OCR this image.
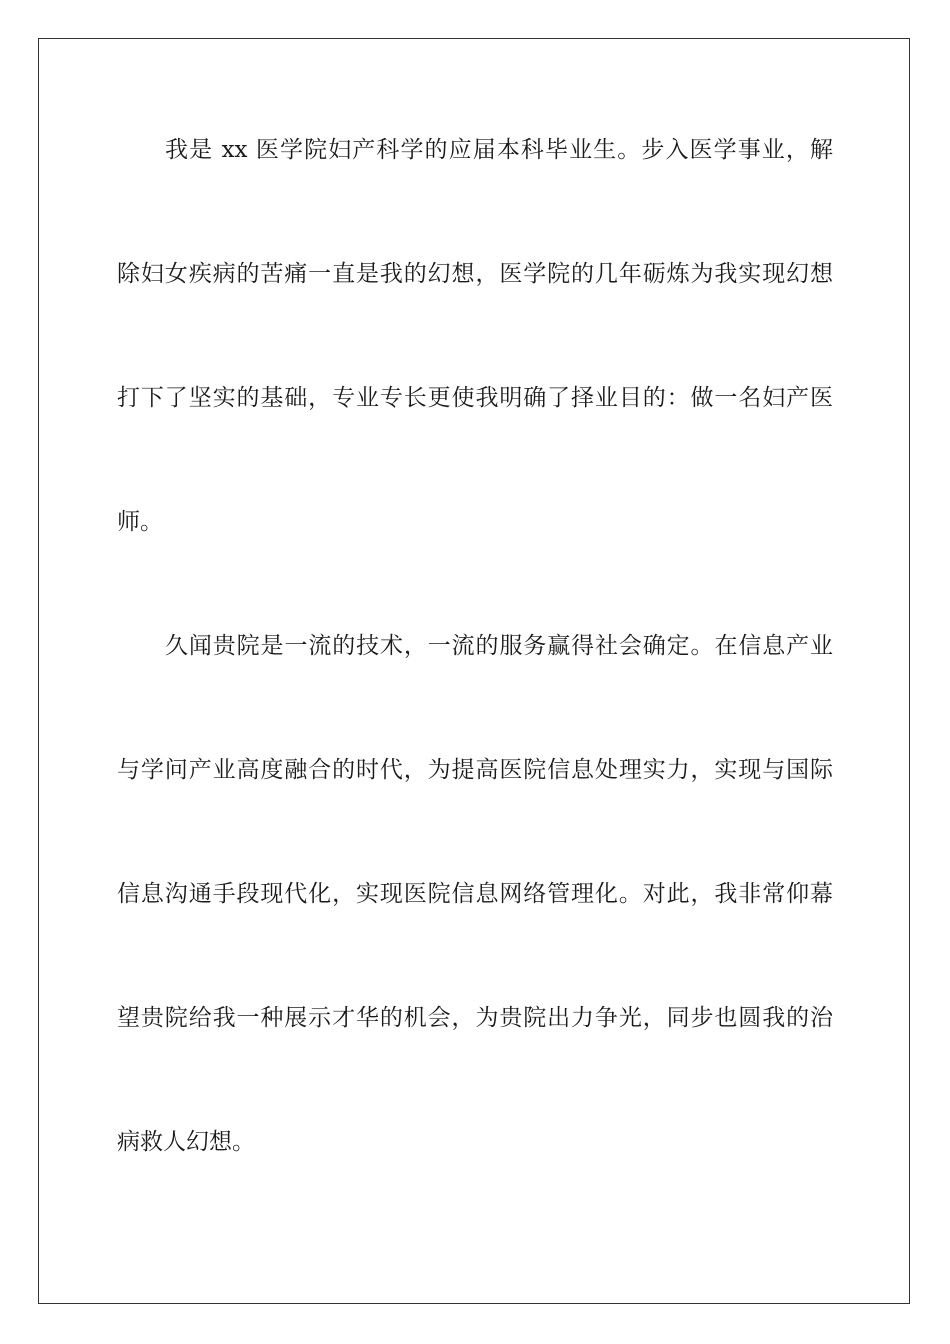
我是 xx 医学院妇产科学的应届本科毕业生。步入医学事业，解
除妇女疾病的苦痛一直是我的幻想，医学院的几年砺炼为我实现幻想
打下了坚实的基础，专业专长更使我明确了择业目的：做一名妇产医
师。
久闻贵院是一流的技术，一流的服务赢得社会确定。在信息产业
与学问产业高度融合的时代，为提高医院信息处理实力，实现与国际
信息沟通手段现代化，实现医院信息网络管理化。对此，我非常仰幕
望贵院给我一种展示才华的机会，为贵院出力争光，同步也圆我的治
病救人幻想。
